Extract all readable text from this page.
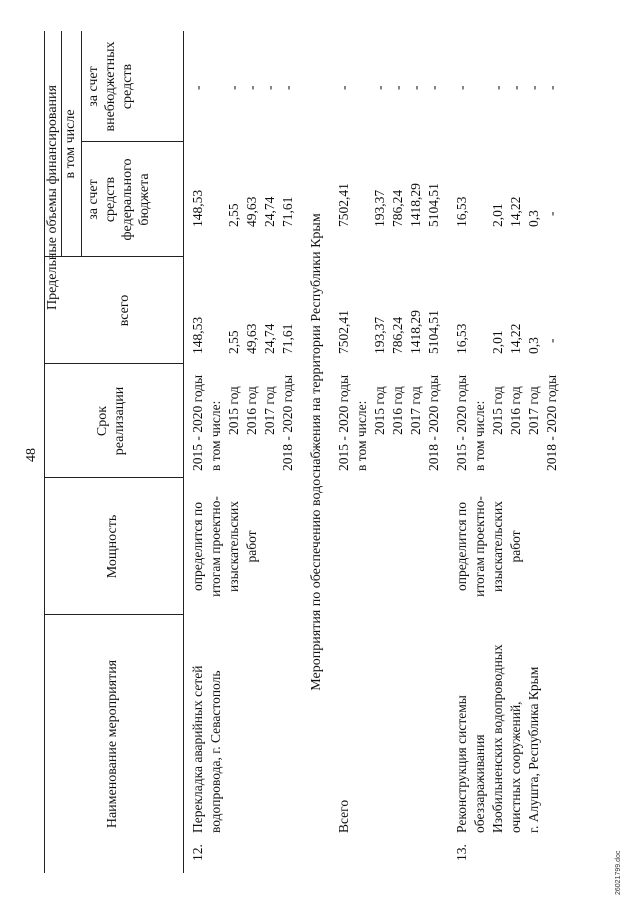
48
Наименование мероприятия
Мощность
Срок реализации
Предельные объемы финансирования
всего
в том числе
за счет средств федерального бюджета
за счет внебюджетных средств
12.
Перекладка аварийных сетей водопровода, г. Севастополь
определится по итогам проектно- изыскательских работ
2015 - 2020 годы в том числе: 2015 год 2016 год 2017 год 2018 - 2020 годы
148,53 2,55 49,63 24,74 71,61
148,53 2,55 49,63 24,74 71,61
- - - - -
Мероприятия по обеспечению водоснабжения на территории Республики Крым
Всего
2015 - 2020 годы в том числе: 2015 год 2016 год 2017 год 2018 - 2020 годы
7502,41 193,37 786,24 1418,29 5104,51
7502,41 193,37 786,24 1418,29 5104,51
- - - - -
13.
Реконструкция системы обеззараживания Изобильненских водопроводных очистных сооружений, г. Алушта, Республика Крым
определится по итогам проектно- изыскательских работ
2015 - 2020 годы в том числе: 2015 год 2016 год 2017 год 2018 - 2020 годы
16,53 2,01 14,22 0,3 -
16,53 2,01 14,22 0,3 -
- - - - -
26021799.doc
